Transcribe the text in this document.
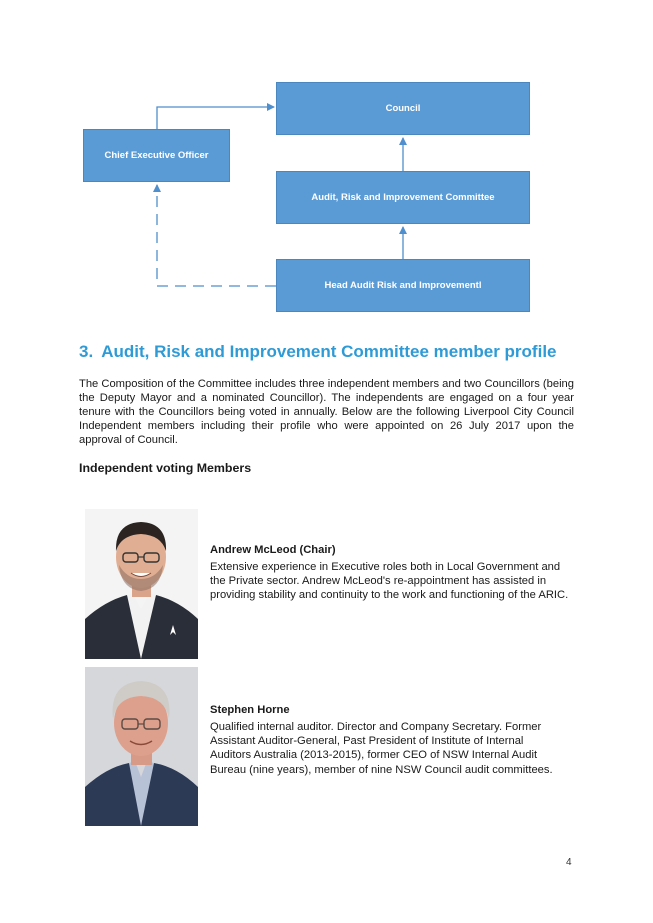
Council
Chief Executive Officer
Audit, Risk and Improvement Committee
Head Audit Risk and Improvementl
3. Audit, Risk and Improvement Committee member profile

The Composition of the Committee includes three independent members and two Councillors (being the Deputy Mayor and a nominated Councillor). The independents are engaged on a four year tenure with the Councillors being voted in annually. Below are the following Liverpool City Council Independent members including their profile who were appointed on 26 July 2017 upon the approval of Council.

Independent voting Members

Andrew McLeod (Chair)

Extensive experience in Executive roles both in Local Government and the Private sector. Andrew McLeod's re-appointment has assisted in providing stability and continuity to the work and functioning of the ARIC.

Stephen Horne

Qualified internal auditor. Director and Company Secretary. Former Assistant Auditor-General, Past President of Institute of Internal Auditors Australia (2013-2015), former CEO of NSW Internal Audit Bureau (nine years), member of nine NSW Council audit committees.

4
